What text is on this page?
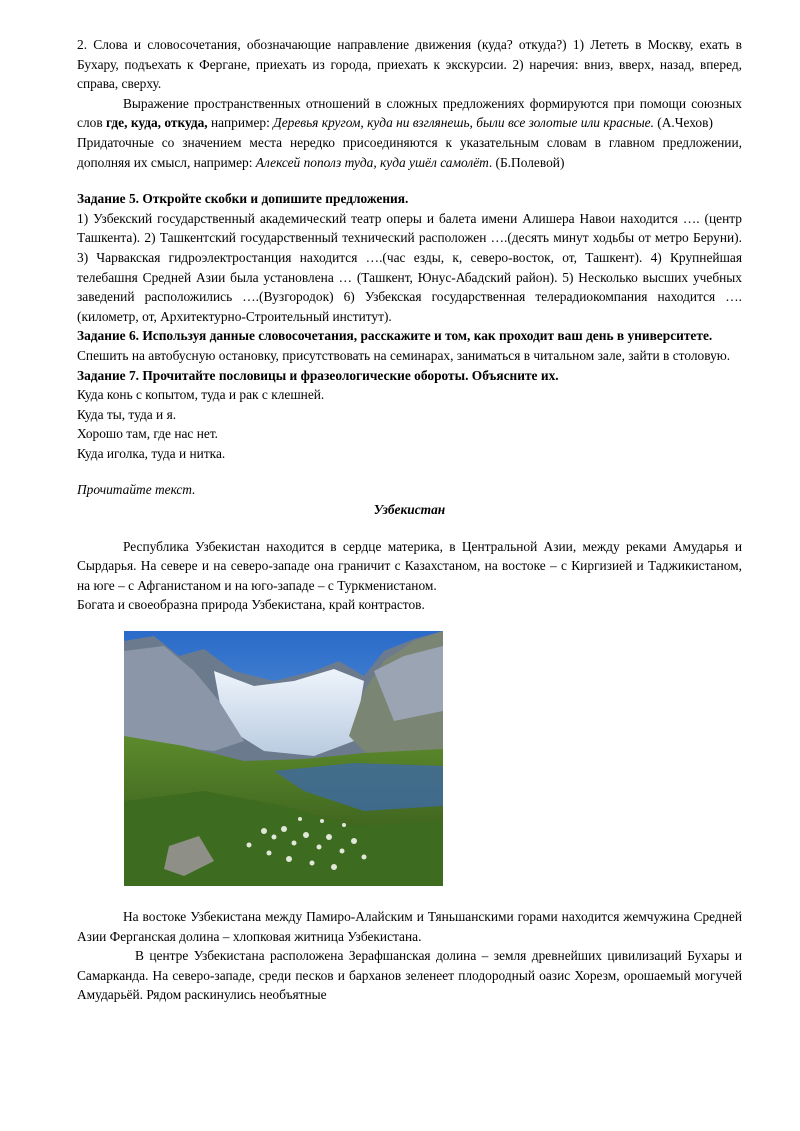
2. Слова и словосочетания, обозначающие направление движения (куда? откуда?) 1) Лететь в Москву, ехать в Бухару, подъехать к Фергане, приехать из города, приехать к экскурсии. 2) наречия: вниз, вверх, назад, вперед, справа, сверху.

Выражение пространственных отношений в сложных предложениях формируются при помощи союзных слов где, куда, откуда, например: Деревья кругом, куда ни взглянешь, были все золотые или красные. (А.Чехов)

Придаточные со значением места нередко присоединяются к указательным словам в главном предложении, дополняя их смысл, например: Алексей пополз туда, куда ушёл самолёт. (Б.Полевой)

Задание 5. Откройте скобки и допишите предложения.

1) Узбекский государственный академический театр оперы и балета имени Алишера Навои находится …. (центр Ташкента). 2) Ташкентский государственный технический расположен ….(десять минут ходьбы от метро Беруни). 3) Чарвакская гидроэлектростанция находится ….(час езды, к, северо-восток, от, Ташкент). 4) Крупнейшая телебашня Средней Азии была установлена … (Ташкент, Юнус-Абадский район). 5) Несколько высших учебных заведений расположились ….(Вузгородок) 6) Узбекская государственная телерадиокомпания находится ….(километр, от, Архитектурно-Строительный институт).

Задание 6. Используя данные словосочетания, расскажите и том, как проходит ваш день в университете.

Спешить на автобусную остановку, присутствовать на семинарах, заниматься в читальном зале, зайти в столовую.

Задание 7. Прочитайте пословицы и фразеологические обороты. Объясните их.

Куда конь с копытом, туда и рак с клешней.

Куда ты, туда и я.

Хорошо там, где нас нет.

Куда иголка, туда и нитка.

Прочитайте текст.

Узбекистан

Республика Узбекистан находится в сердце материка, в Центральной Азии, между реками Амударья и Сырдарья. На севере и на северо-западе она граничит с Казахстаном, на востоке – с Киргизией и Таджикистаном, на юге – с Афганистаном и на юго-западе – с Туркменистаном.

Богата и своеобразна природа Узбекистана, край контрастов.

На востоке Узбекистана между Памиро-Алайским и Тяньшанскими горами находится жемчужина Средней Азии Ферганская долина – хлопковая житница Узбекистана.

В центре Узбекистана расположена Зерафшанская долина – земля древнейших цивилизаций Бухары и Самарканда. На северо-западе, среди песков и барханов зеленеет плодородный оазис Хорезм, орошаемый могучей Амударьёй. Рядом раскинулись необъятные
